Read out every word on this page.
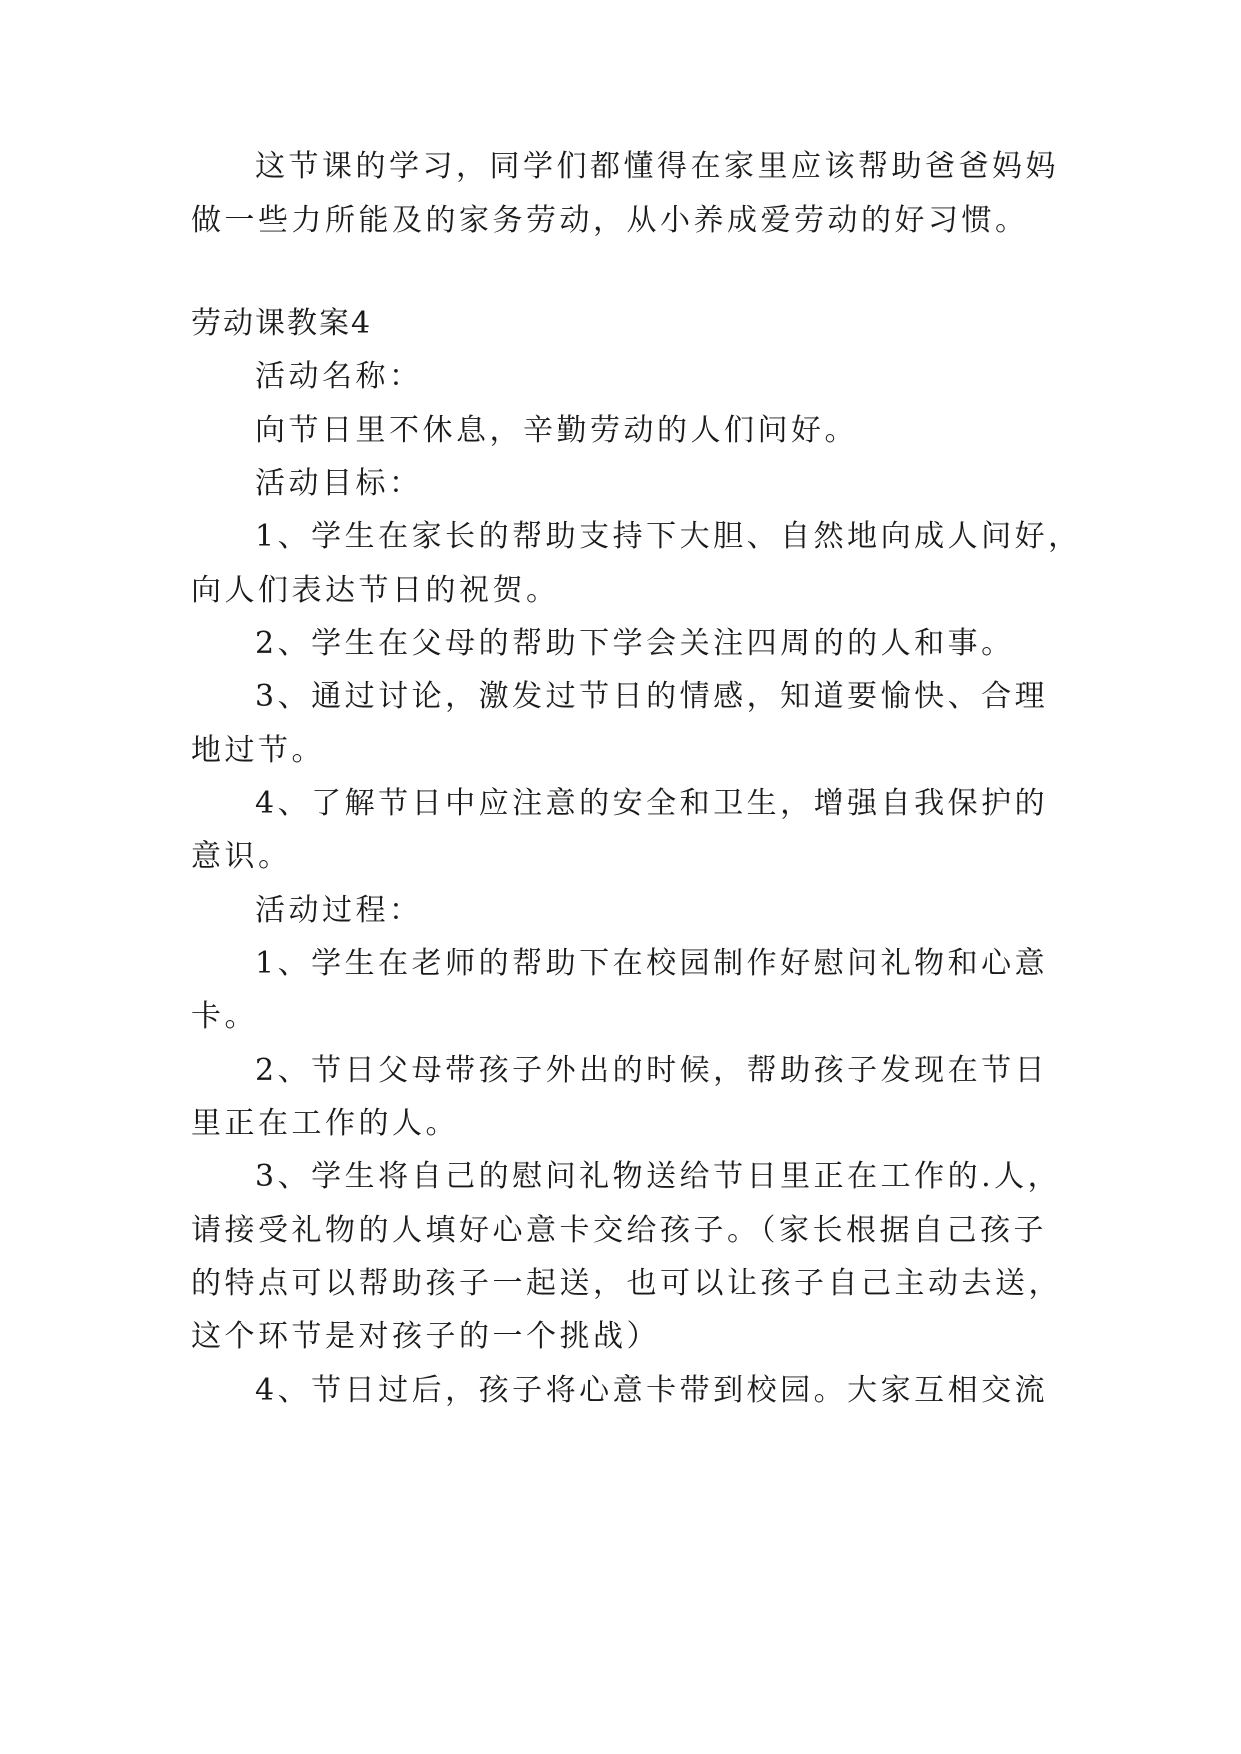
这节课的学习，同学们都懂得在家里应该帮助爸爸妈妈
做一些力所能及的家务劳动，从小养成爱劳动的好习惯。
劳动课教案4
活动名称：
向节日里不休息，辛勤劳动的人们问好。
活动目标：
1、学生在家长的帮助支持下大胆、自然地向成人问好，
向人们表达节日的祝贺。
2、学生在父母的帮助下学会关注四周的的人和事。
3、通过讨论，激发过节日的情感，知道要愉快、合理
地过节。
4、了解节日中应注意的安全和卫生，增强自我保护的
意识。
活动过程：
1、学生在老师的帮助下在校园制作好慰问礼物和心意
卡。
2、节日父母带孩子外出的时候，帮助孩子发现在节日
里正在工作的人。
3、学生将自己的慰问礼物送给节日里正在工作的.人，
请接受礼物的人填好心意卡交给孩子。（家长根据自己孩子
的特点可以帮助孩子一起送，也可以让孩子自己主动去送，
这个环节是对孩子的一个挑战）
4、节日过后，孩子将心意卡带到校园。大家互相交流
